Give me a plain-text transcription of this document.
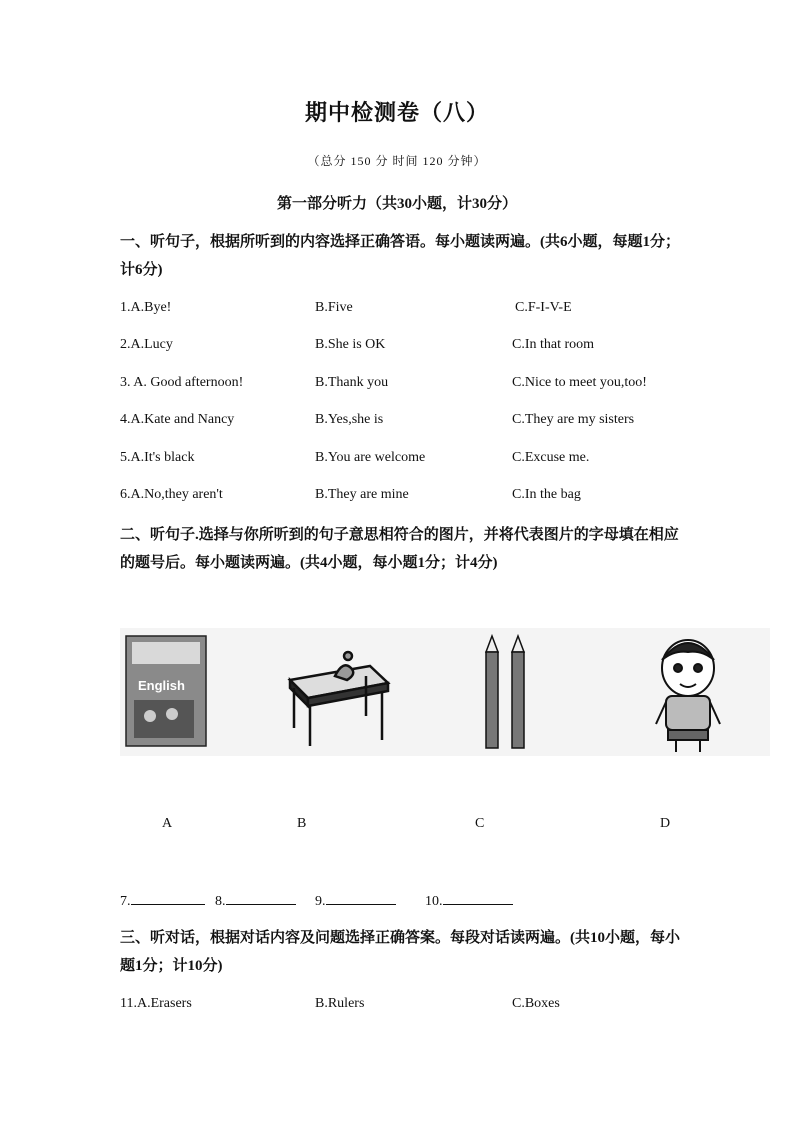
期中检测卷（八）
（总分 150 分 时间 120 分钟）
第一部分听力（共30小题，计30分）
一、听句子，根据所听到的内容选择正确答语。每小题读两遍。(共6小题，每题1分；计6分)
1.A.Bye!	B.Five	C.F-I-V-E
2.A.Lucy	B.She is OK	C.In that room
3. A. Good afternoon!	B.Thank you	C.Nice to meet you,too!
4.A.Kate and Nancy	B.Yes,she is	C.They are my sisters
5.A.It's black	B.You are welcome	C.Excuse me.
6.A.No,they aren't	B.They are mine	C.In the bag
二、听句子.选择与你所听到的句子意思相符合的图片，并将代表图片的字母填在相应的题号后。每小题读两遍。(共4小题，每小题1分；计4分)
English
A	B	C	D
7.	8.	9.	10.
三、听对话，根据对话内容及问题选择正确答案。每段对话读两遍。(共10小题，每小题1分；计10分)
11.A.Erasers	B.Rulers	C.Boxes
